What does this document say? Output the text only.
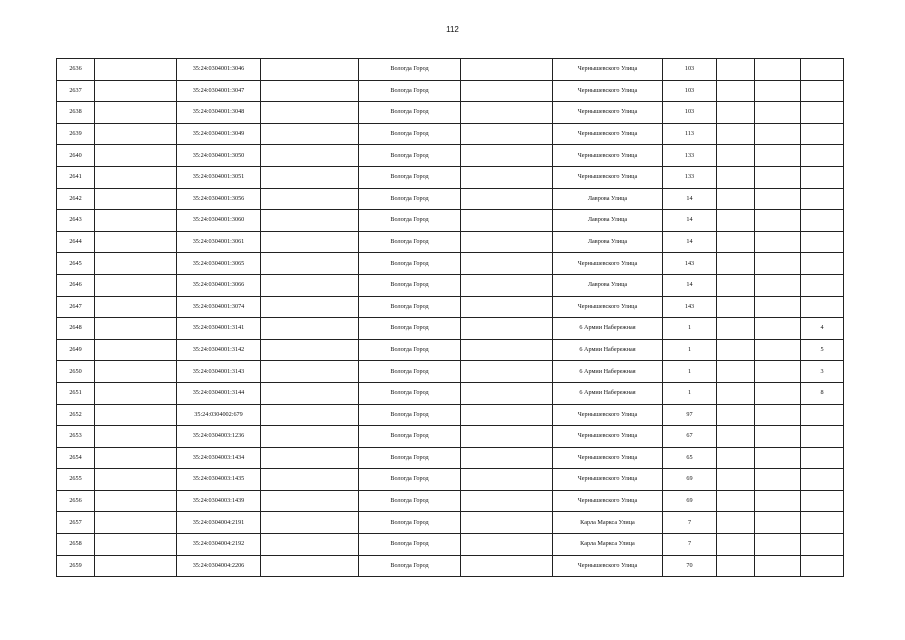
112
2636		35:24:0304001:3046		Вологда Город		Чернышевского Улица	103			
2637		35:24:0304001:3047		Вологда Город		Чернышевского Улица	103			
2638		35:24:0304001:3048		Вологда Город		Чернышевского Улица	103			
2639		35:24:0304001:3049		Вологда Город		Чернышевского Улица	113			
2640		35:24:0304001:3050		Вологда Город		Чернышевского Улица	133			
2641		35:24:0304001:3051		Вологда Город		Чернышевского Улица	133			
2642		35:24:0304001:3056		Вологда Город		Лаврова Улица	14			
2643		35:24:0304001:3060		Вологда Город		Лаврова Улица	14			
2644		35:24:0304001:3061		Вологда Город		Лаврова Улица	14			
2645		35:24:0304001:3065		Вологда Город		Чернышевского Улица	143			
2646		35:24:0304001:3066		Вологда Город		Лаврова Улица	14			
2647		35:24:0304001:3074		Вологда Город		Чернышевского Улица	143			
2648		35:24:0304001:3141		Вологда Город		6 Армии Набережная	1			4
2649		35:24:0304001:3142		Вологда Город		6 Армии Набережная	1			5
2650		35:24:0304001:3143		Вологда Город		6 Армии Набережная	1			3
2651		35:24:0304001:3144		Вологда Город		6 Армии Набережная	1			8
2652		35:24:0304002:679		Вологда Город		Чернышевского Улица	97			
2653		35:24:0304003:1236		Вологда Город		Чернышевского Улица	67			
2654		35:24:0304003:1434		Вологда Город		Чернышевского Улица	65			
2655		35:24:0304003:1435		Вологда Город		Чернышевского Улица	69			
2656		35:24:0304003:1439		Вологда Город		Чернышевского Улица	69			
2657		35:24:0304004:2191		Вологда Город		Карла Маркса Улица	7			
2658		35:24:0304004:2192		Вологда Город		Карла Маркса Улица	7			
2659		35:24:0304004:2206		Вологда Город		Чернышевского Улица	70			
